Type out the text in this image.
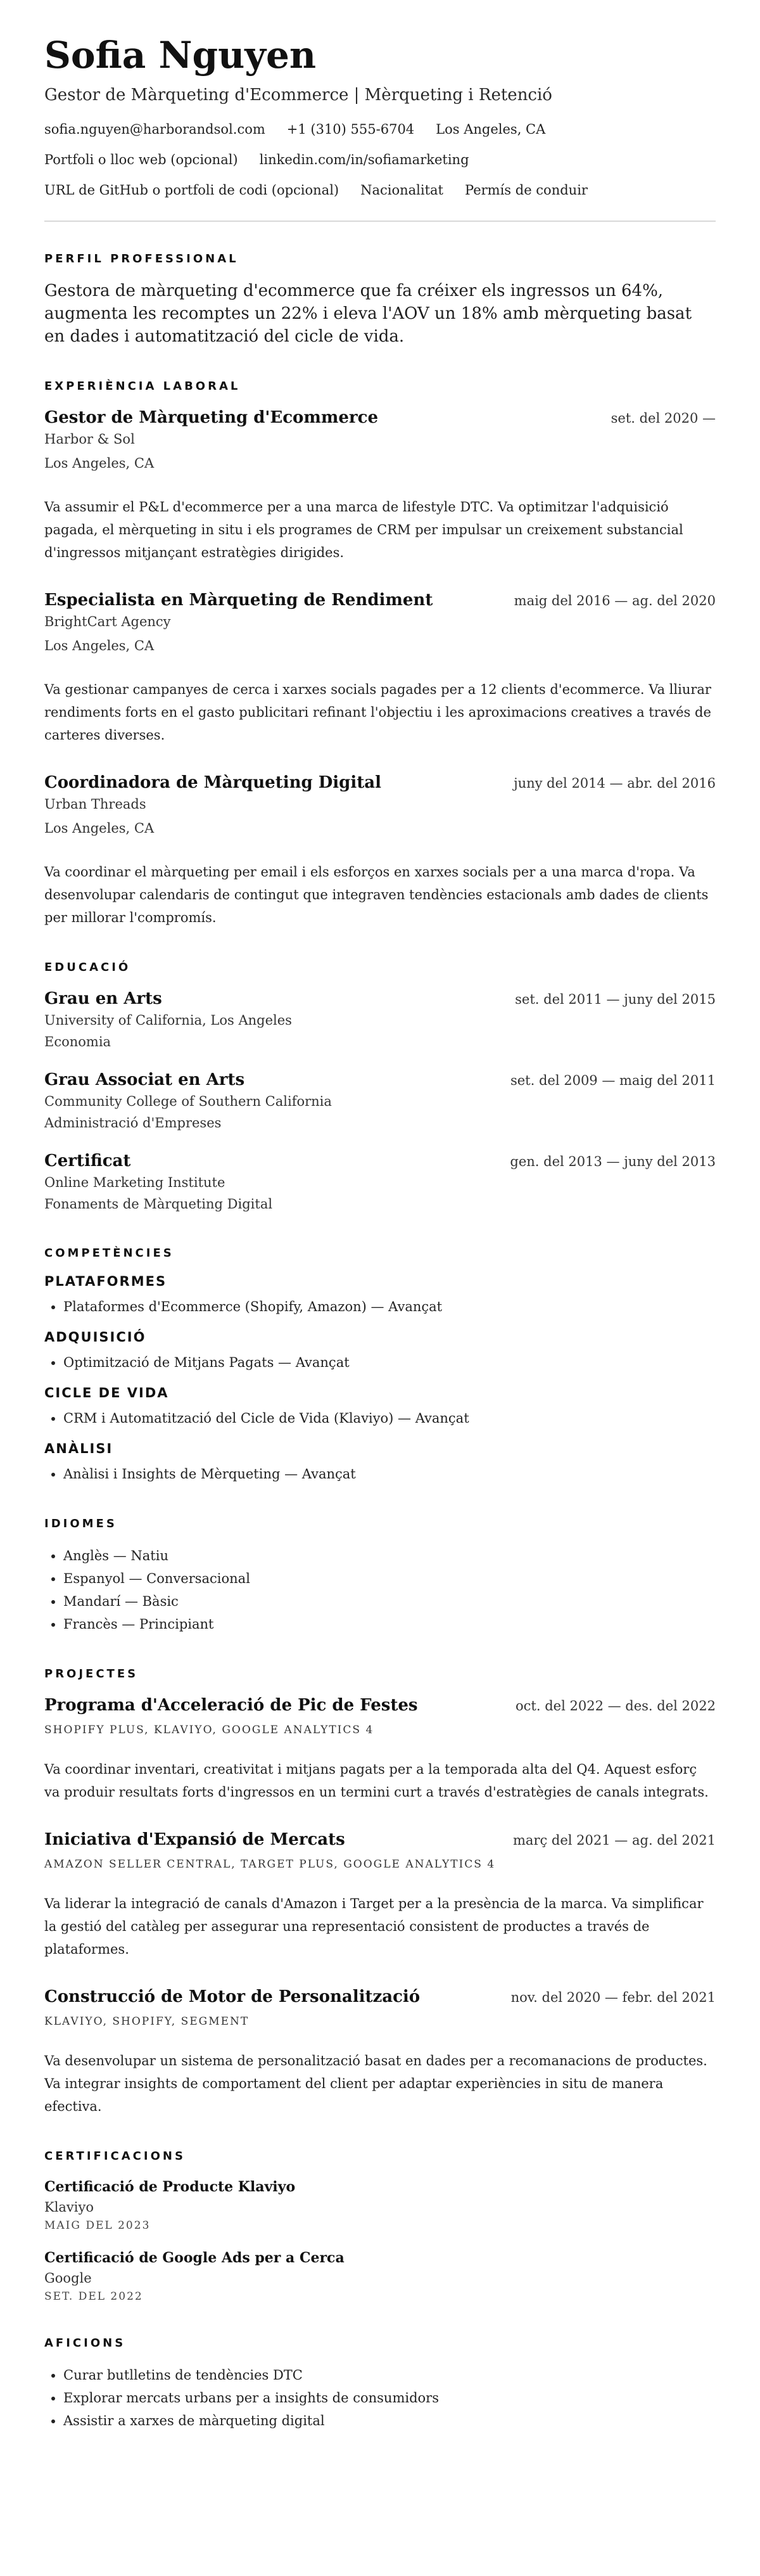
Sofia Nguyen
Gestor de Màrqueting d'Ecommerce | Mèrqueting i Retenció
sofia.nguyen@harborandsol.com +1 (310) 555-6704 Los Angeles, CA
Portfoli o lloc web (opcional) linkedin.com/in/sofiamarketing
URL de GitHub o portfoli de codi (opcional) Nacionalitat Permís de conduir
PERFIL PROFESSIONAL
Gestora de màrqueting d'ecommerce que fa créixer els ingressos un 64%, augmenta les recomptes un 22% i eleva l'AOV un 18% amb mèrqueting basat en dades i automatització del cicle de vida.
EXPERIÈNCIA LABORAL
Gestor de Màrqueting d'Ecommerce	set. del 2020 —
Harbor & Sol
Los Angeles, CA
Va assumir el P&L d'ecommerce per a una marca de lifestyle DTC. Va optimitzar l'adquisició pagada, el mèrqueting in situ i els programes de CRM per impulsar un creixement substancial d'ingressos mitjançant estratègies dirigides.
Especialista en Màrqueting de Rendiment	maig del 2016 — ag. del 2020
BrightCart Agency
Los Angeles, CA
Va gestionar campanyes de cerca i xarxes socials pagades per a 12 clients d'ecommerce. Va lliurar rendiments forts en el gasto publicitari refinant l'objectiu i les aproximacions creatives a través de carteres diverses.
Coordinadora de Màrqueting Digital	juny del 2014 — abr. del 2016
Urban Threads
Los Angeles, CA
Va coordinar el màrqueting per email i els esforços en xarxes socials per a una marca d'ropa. Va desenvolupar calendaris de contingut que integraven tendències estacionals amb dades de clients per millorar l'compromís.
EDUCACIÓ
Grau en Arts	set. del 2011 — juny del 2015
University of California, Los Angeles
Economia
Grau Associat en Arts	set. del 2009 — maig del 2011
Community College of Southern California
Administració d'Empreses
Certificat	gen. del 2013 — juny del 2013
Online Marketing Institute
Fonaments de Màrqueting Digital
COMPETÈNCIES
PLATAFORMES
• Plataformes d'Ecommerce (Shopify, Amazon) — Avançat
ADQUISICIÓ
• Optimització de Mitjans Pagats — Avançat
CICLE DE VIDA
• CRM i Automatització del Cicle de Vida (Klaviyo) — Avançat
ANÀLISI
• Anàlisi i Insights de Mèrqueting — Avançat
IDIOMES
• Anglès — Natiu
• Espanyol — Conversacional
• Mandarí — Bàsic
• Francès — Principiant
PROJECTES
Programa d'Acceleració de Pic de Festes	oct. del 2022 — des. del 2022
SHOPIFY PLUS, KLAVIYO, GOOGLE ANALYTICS 4
Va coordinar inventari, creativitat i mitjans pagats per a la temporada alta del Q4. Aquest esforç va produir resultats forts d'ingressos en un termini curt a través d'estratègies de canals integrats.
Iniciativa d'Expansió de Mercats	març del 2021 — ag. del 2021
AMAZON SELLER CENTRAL, TARGET PLUS, GOOGLE ANALYTICS 4
Va liderar la integració de canals d'Amazon i Target per a la presència de la marca. Va simplificar la gestió del catàleg per assegurar una representació consistent de productes a través de plataformes.
Construcció de Motor de Personalització	nov. del 2020 — febr. del 2021
KLAVIYO, SHOPIFY, SEGMENT
Va desenvolupar un sistema de personalització basat en dades per a recomanacions de productes. Va integrar insights de comportament del client per adaptar experiències in situ de manera efectiva.
CERTIFICACIONS
Certificació de Producte Klaviyo
Klaviyo
MAIG DEL 2023
Certificació de Google Ads per a Cerca
Google
SET. DEL 2022
AFICIONS
• Curar butlletins de tendències DTC
• Explorar mercats urbans per a insights de consumidors
• Assistir a xarxes de màrqueting digital
